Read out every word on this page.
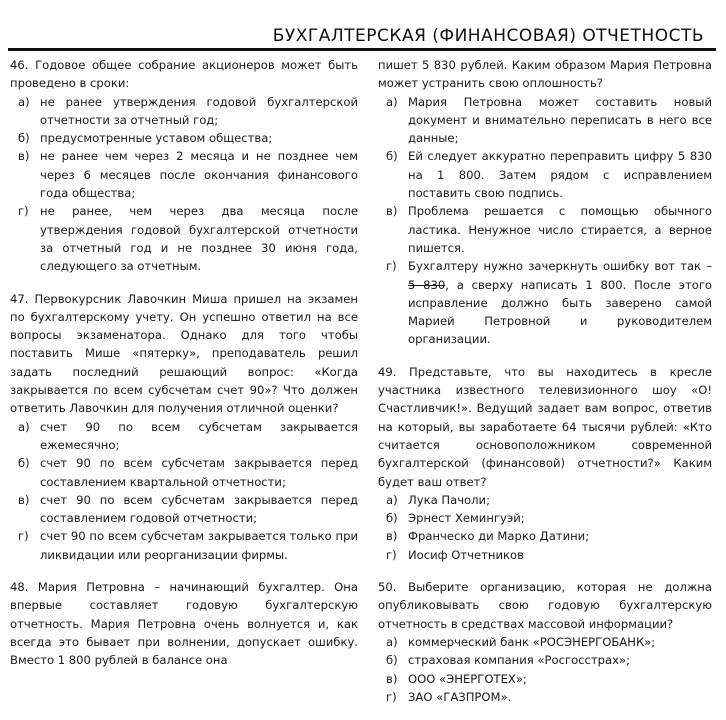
БУХГАЛТЕРСКАЯ (ФИНАНСОВАЯ) ОТЧЕТНОСТЬ

46. Годовое общее собрание акционеров может быть проведено в сроки:

а) не ранее утверждения годовой бухгалтерской отчетности за отчетный год;
б) предусмотренные уставом общества;
в) не ранее чем через 2 месяца и не позднее чем через 6 месяцев после окончания финансового года общества;
г) не ранее, чем через два месяца после утверждения годовой бухгалтерской отчетности за отчетный год и не позднее 30 июня года, следующего за отчетным.

47. Первокурсник Лавочкин Миша пришел на экзамен по бухгалтерскому учету. Он успешно ответил на все вопросы экзаменатора. Однако для того чтобы поставить Мише «пятерку», преподаватель решил задать последний решающий вопрос: «Когда закрывается по всем субсчетам счет 90»? Что должен ответить Лавочкин для получения отличной оценки?

а) счет 90 по всем субсчетам закрывается ежемесячно;
б) счет 90 по всем субсчетам закрывается перед составлением квартальной отчетности;
в) счет 90 по всем субсчетам закрывается перед составлением годовой отчетности;
г) счет 90 по всем субсчетам закрывается только при ликвидации или реорганизации фирмы.

48. Мария Петровна – начинающий бухгалтер. Она впервые составляет годовую бухгалтерскую отчетность. Мария Петровна очень волнуется и, как всегда это бывает при волнении, допускает ошибку. Вместо 1 800 рублей в балансе она

пишет 5 830 рублей. Каким образом Мария Петровна может устранить свою оплошность?

а) Мария Петровна может составить новый документ и внимательно переписать в него все данные;
б) Ей следует аккуратно переправить цифру 5 830 на 1 800. Затем рядом с исправлением поставить свою подпись.
в) Проблема решается с помощью обычного ластика. Ненужное число стирается, а верное пишется.
г) Бухгалтеру нужно зачеркнуть ошибку вот так – 5 830, а сверху написать 1 800. После этого исправление должно быть заверено самой Марией Петровной и руководителем организации.

49. Представьте, что вы находитесь в кресле участника известного телевизионного шоу «О! Счастливчик!». Ведущий задает вам вопрос, ответив на который, вы заработаете 64 тысячи рублей: «Кто считается основоположником современной бухгалтерской (финансовой) отчетности?» Каким будет ваш ответ?

а) Лука Пачоли;
б) Эрнест Хемингуэй;
в) Франческо ди Марко Датини;
г) Иосиф Отчетников

50. Выберите организацию, которая не должна опубликовывать свою годовую бухгалтерскую отчетность в средствах массовой информации?

а) коммерческий банк «РОСЭНЕРГОБАНК»;
б) страховая компания «Росгосстрах»;
в) ООО «ЭНЕРГОТЕХ»;
г) ЗАО «ГАЗПРОМ».
